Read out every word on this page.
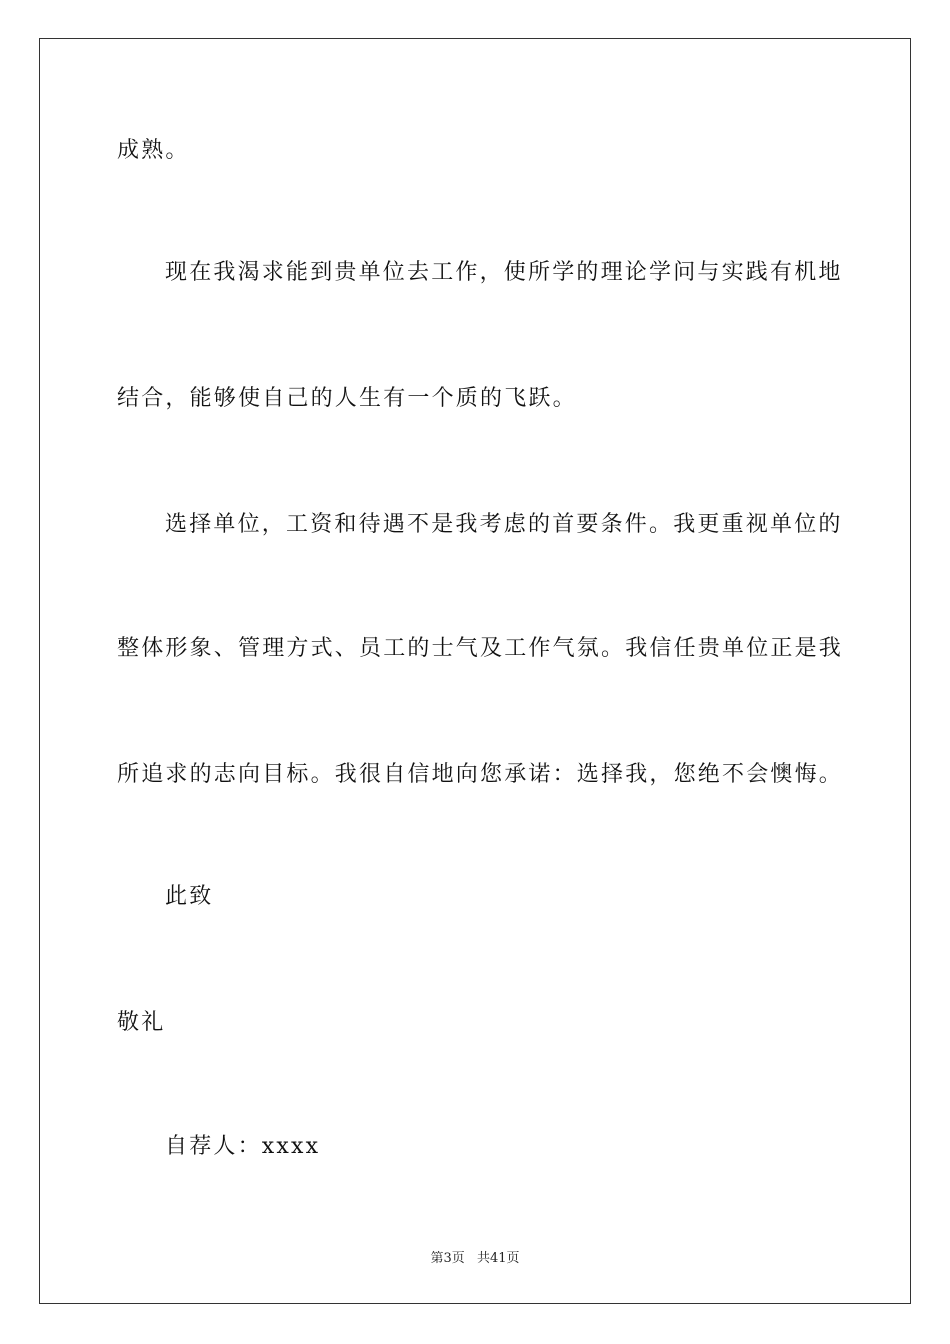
成熟。
现在我渴求能到贵单位去工作，使所学的理论学问与实践有机地
结合，能够使自己的人生有一个质的飞跃。
选择单位，工资和待遇不是我考虑的首要条件。我更重视单位的
整体形象、管理方式、员工的士气及工作气氛。我信任贵单位正是我
所追求的志向目标。我很自信地向您承诺：选择我，您绝不会懊悔。
此致
敬礼
自荐人：xxxx
第3页 共41页
